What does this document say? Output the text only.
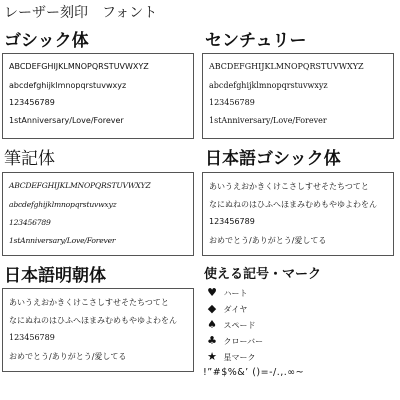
レーザー刻印　フォント
ゴシック体
ABCDEFGHIJKLMNOPQRSTUVWXYZ
abcdefghijklmnopqrstuvwxyz
123456789
1stAnniversary/Love/Forever
センチュリー
ABCDEFGHIJKLMNOPQRSTUVWXYZ
abcdefghijklmnopqrstuvwxyz
123456789
1stAnniversary/Love/Forever
筆記体
ABCDEFGHIJKLMNOPQRSTUVWXYZ
abcdefghijklmnopqrstuvwxyz
123456789
1stAnniversary/Love/Forever
日本語ゴシック体
あいうえおかきくけこさしすせそたちつてと
なにぬねのはひふへほまみむめもやゆよわをん
123456789
おめでとう/ありがとう/愛してる
日本語明朝体
あいうえおかきくけこさしすせそたちつてと
なにぬねのはひふへほまみむめもやゆよわをん
123456789
おめでとう/ありがとう/愛してる
使える記号・マーク
♥ ハート
◆ ダイヤ
♠ スペード
♣ クローバー
★ 星マーク
!”#$%&’ ()=-/.,.∞~
